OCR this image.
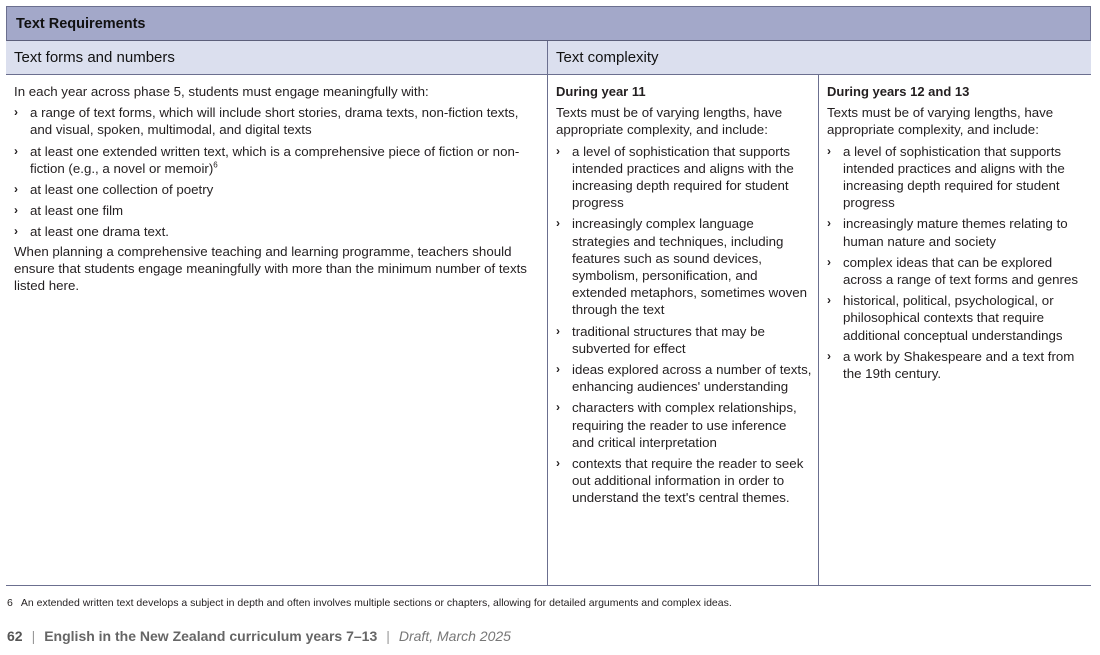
Text Requirements
Text forms and numbers	Text complexity
In each year across phase 5, students must engage meaningfully with:
› a range of text forms, which will include short stories, drama texts, non-fiction texts, and visual, spoken, multimodal, and digital texts
› at least one extended written text, which is a comprehensive piece of fiction or non-fiction (e.g., a novel or memoir)$^6$
› at least one collection of poetry
› at least one film
› at least one drama text.
When planning a comprehensive teaching and learning programme, teachers should ensure that students engage meaningfully with more than the minimum number of texts listed here.
During year 11
Texts must be of varying lengths, have appropriate complexity, and include:
› a level of sophistication that supports intended practices and aligns with the increasing depth required for student progress
› increasingly complex language strategies and techniques, including features such as sound devices, symbolism, personification, and extended metaphors, sometimes woven through the text
› traditional structures that may be subverted for effect
› ideas explored across a number of texts, enhancing audiences' understanding
› characters with complex relationships, requiring the reader to use inference and critical interpretation
› contexts that require the reader to seek out additional information in order to understand the text's central themes.
During years 12 and 13
Texts must be of varying lengths, have appropriate complexity, and include:
› a level of sophistication that supports intended practices and aligns with the increasing depth required for student progress
› increasingly mature themes relating to human nature and society
› complex ideas that can be explored across a range of text forms and genres
› historical, political, psychological, or philosophical contexts that require additional conceptual understandings
› a work by Shakespeare and a text from the 19th century.
6 An extended written text develops a subject in depth and often involves multiple sections or chapters, allowing for detailed arguments and complex ideas.
62 | English in the New Zealand curriculum years 7–13 | Draft, March 2025
